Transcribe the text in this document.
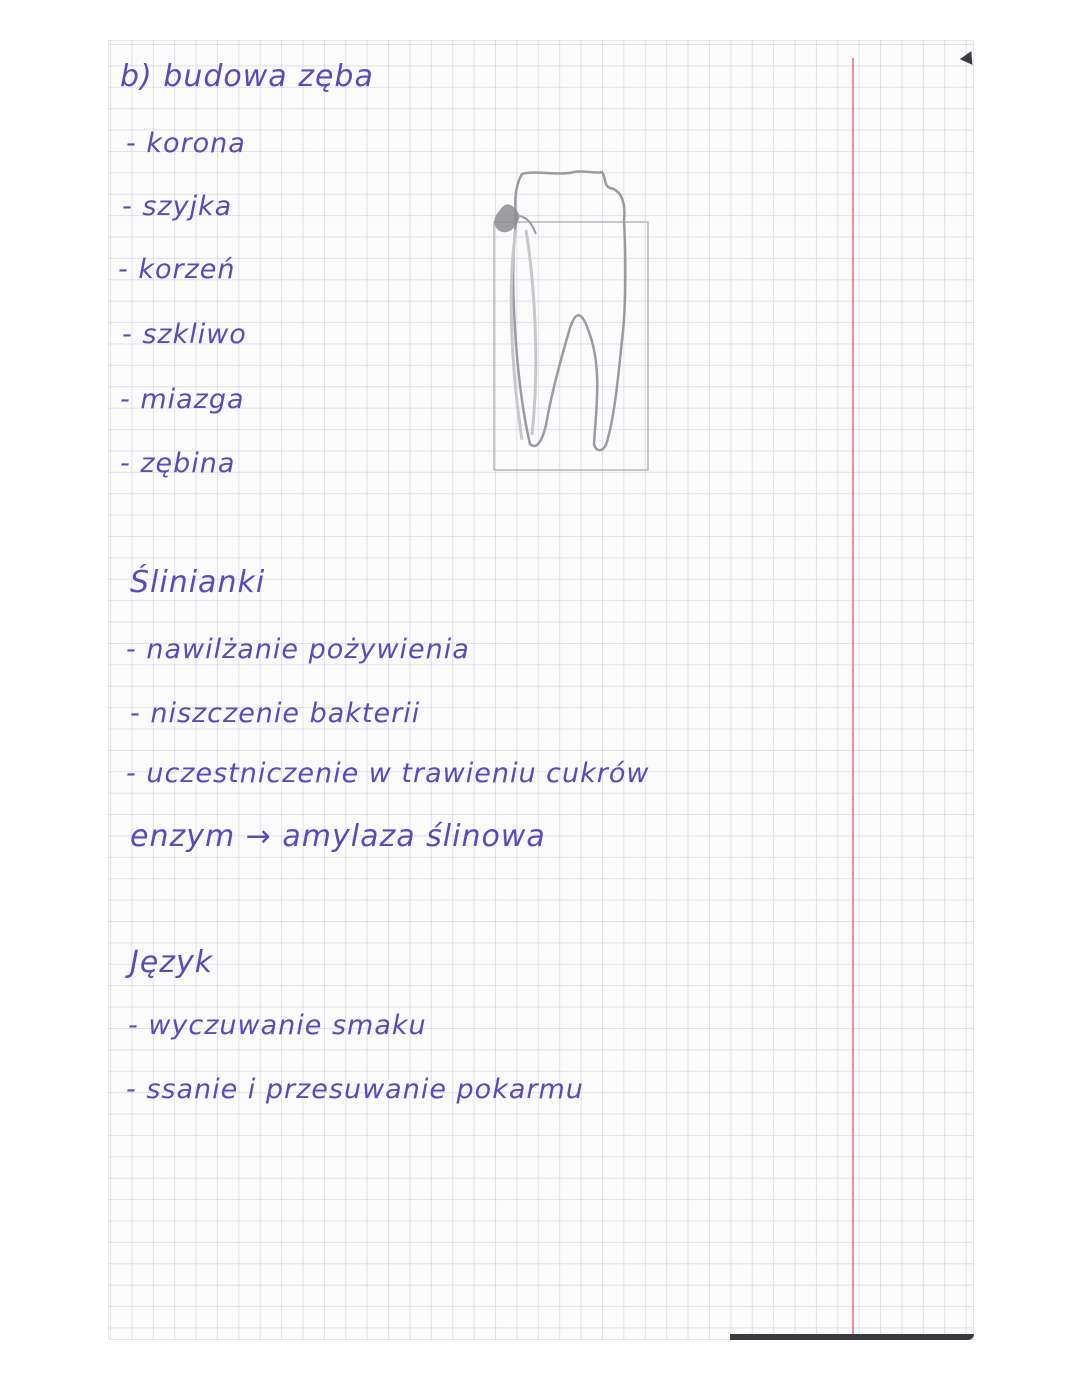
b) budowa zęba
- korona
- szyjka
- korzeń
- szkliwo
- miazga
- zębina
Ślinianki
- nawilżanie pożywienia
- niszczenie bakterii
- uczestniczenie w trawieniu cukrów
enzym → amylaza ślinowa
Język
- wyczuwanie smaku
- ssanie i przesuwanie pokarmu
